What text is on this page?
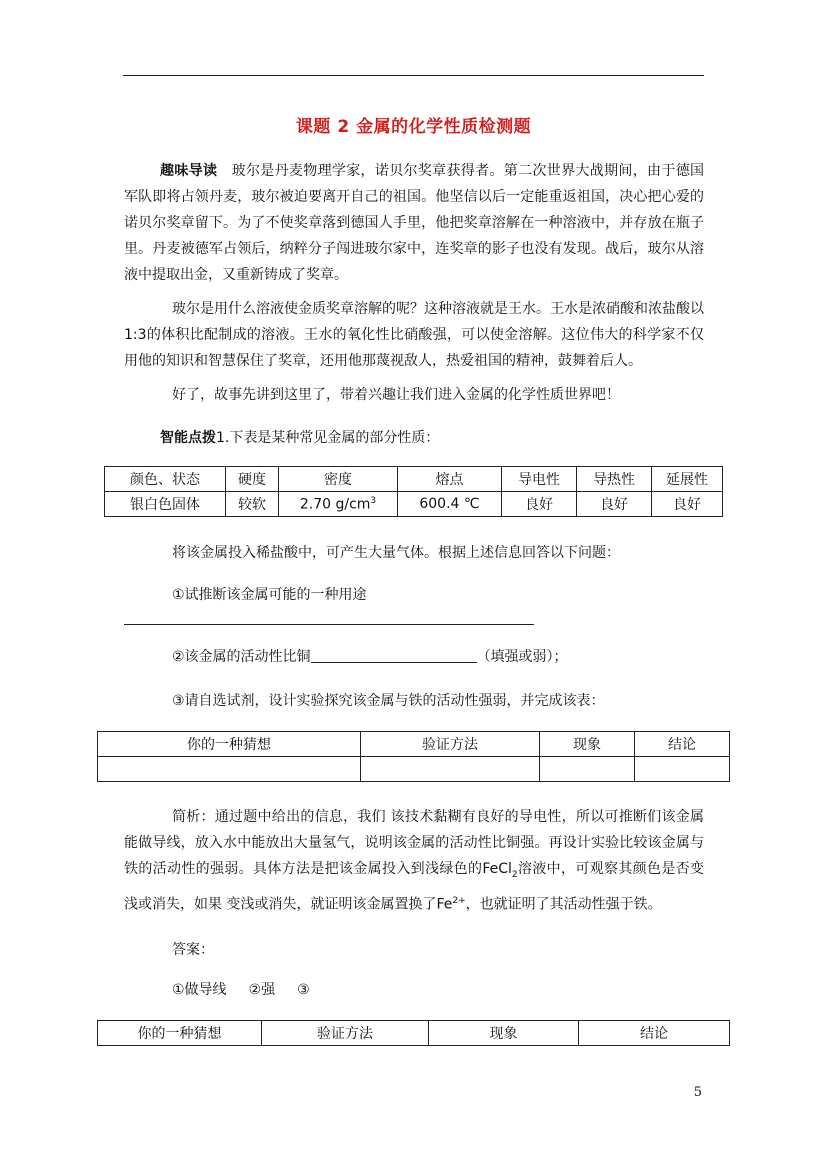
课题 2 金属的化学性质检测题
趣味导读　玻尔是丹麦物理学家，诺贝尔奖章获得者。第二次世界大战期间，由于德国军队即将占领丹麦，玻尔被迫要离开自己的祖国。他坚信以后一定能重返祖国，决心把心爱的诺贝尔奖章留下。为了不使奖章落到德国人手里，他把奖章溶解在一种溶液中，并存放在瓶子里。丹麦被德军占领后，纳粹分子闯进玻尔家中，连奖章的影子也没有发现。战后，玻尔从溶液中提取出金，又重新铸成了奖章。
玻尔是用什么溶液使金质奖章溶解的呢？这种溶液就是王水。王水是浓硝酸和浓盐酸以1:3的体积比配制成的溶液。王水的氧化性比硝酸强，可以使金溶解。这位伟大的科学家不仅用他的知识和智慧保住了奖章，还用他那蔑视敌人，热爱祖国的精神，鼓舞着后人。
好了，故事先讲到这里了，带着兴趣让我们进入金属的化学性质世界吧！
智能点拨1.下表是某种常见金属的部分性质：
颜色、状态	硬度	密度	熔点	导电性	导热性	延展性
银白色固体	较软	2.70 $g/cm^3$	600.4 ℃	良好	良好	良好
将该金属投入稀盐酸中，可产生大量气体。根据上述信息回答以下问题：
①试推断该金属可能的一种用途
②该金属的活动性比铜	（填强或弱）；
③请自选试剂，设计实验探究该金属与铁的活动性强弱，并完成该表：
你的一种猜想	验证方法	现象	结论

简析：通过题中给出的信息，我们 该技术黏糊有良好的导电性，所以可推断们该金属能做导线，放入水中能放出大量氢气，说明该金属的活动性比铜强。再设计实验比较该金属与铁的活动性的强弱。具体方法是把该金属投入到浅绿色的FeCl$_2$溶液中，可观察其颜色是否变浅或消失，如果 变浅或消失，就证明该金属置换了$Fe^{2+}$，也就证明了其活动性强于铁。
答案：
①做导线 ②强 ③
你的一种猜想	验证方法	现象	结论
5
